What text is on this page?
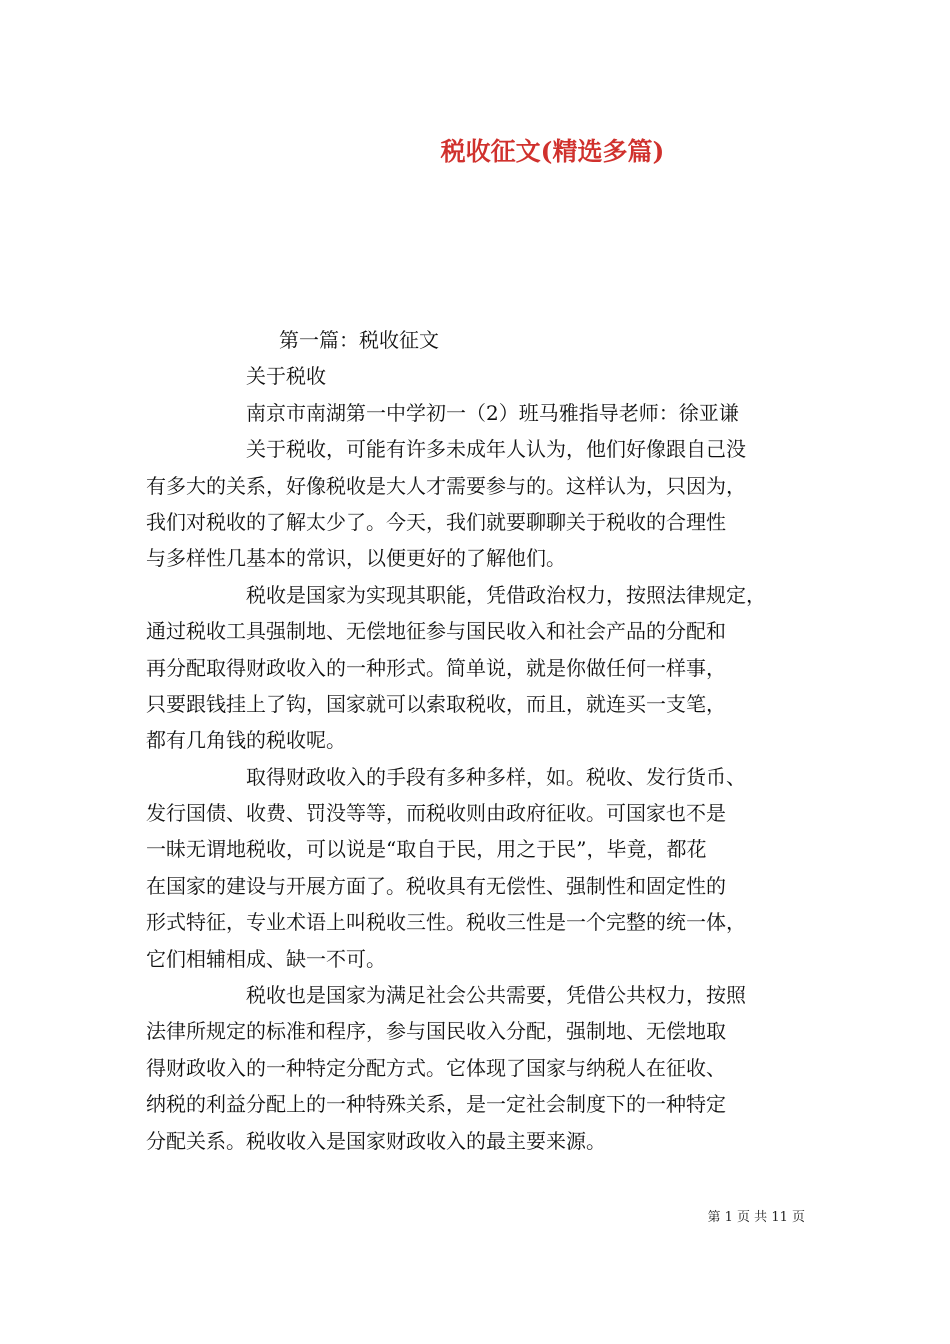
税收征文(精选多篇)
第一篇：税收征文
关于税收
南京市南湖第一中学初一（2）班马雅指导老师：徐亚谦
关于税收，可能有许多未成年人认为，他们好像跟自己没
有多大的关系，好像税收是大人才需要参与的。这样认为，只因为，
我们对税收的了解太少了。今天，我们就要聊聊关于税收的合理性
与多样性几基本的常识，以便更好的了解他们。
税收是国家为实现其职能，凭借政治权力，按照法律规定，
通过税收工具强制地、无偿地征参与国民收入和社会产品的分配和
再分配取得财政收入的一种形式。简单说，就是你做任何一样事，
只要跟钱挂上了钩，国家就可以索取税收，而且，就连买一支笔，
都有几角钱的税收呢。
取得财政收入的手段有多种多样，如。税收、发行货币、
发行国债、收费、罚没等等，而税收则由政府征收。可国家也不是
一昧无谓地税收，可以说是“取自于民，用之于民”，毕竟，都花
在国家的建设与开展方面了。税收具有无偿性、强制性和固定性的
形式特征，专业术语上叫税收三性。税收三性是一个完整的统一体，
它们相辅相成、缺一不可。
税收也是国家为满足社会公共需要，凭借公共权力，按照
法律所规定的标准和程序，参与国民收入分配，强制地、无偿地取
得财政收入的一种特定分配方式。它体现了国家与纳税人在征收、
纳税的利益分配上的一种特殊关系，是一定社会制度下的一种特定
分配关系。税收收入是国家财政收入的最主要来源。
第 1 页 共 11 页
